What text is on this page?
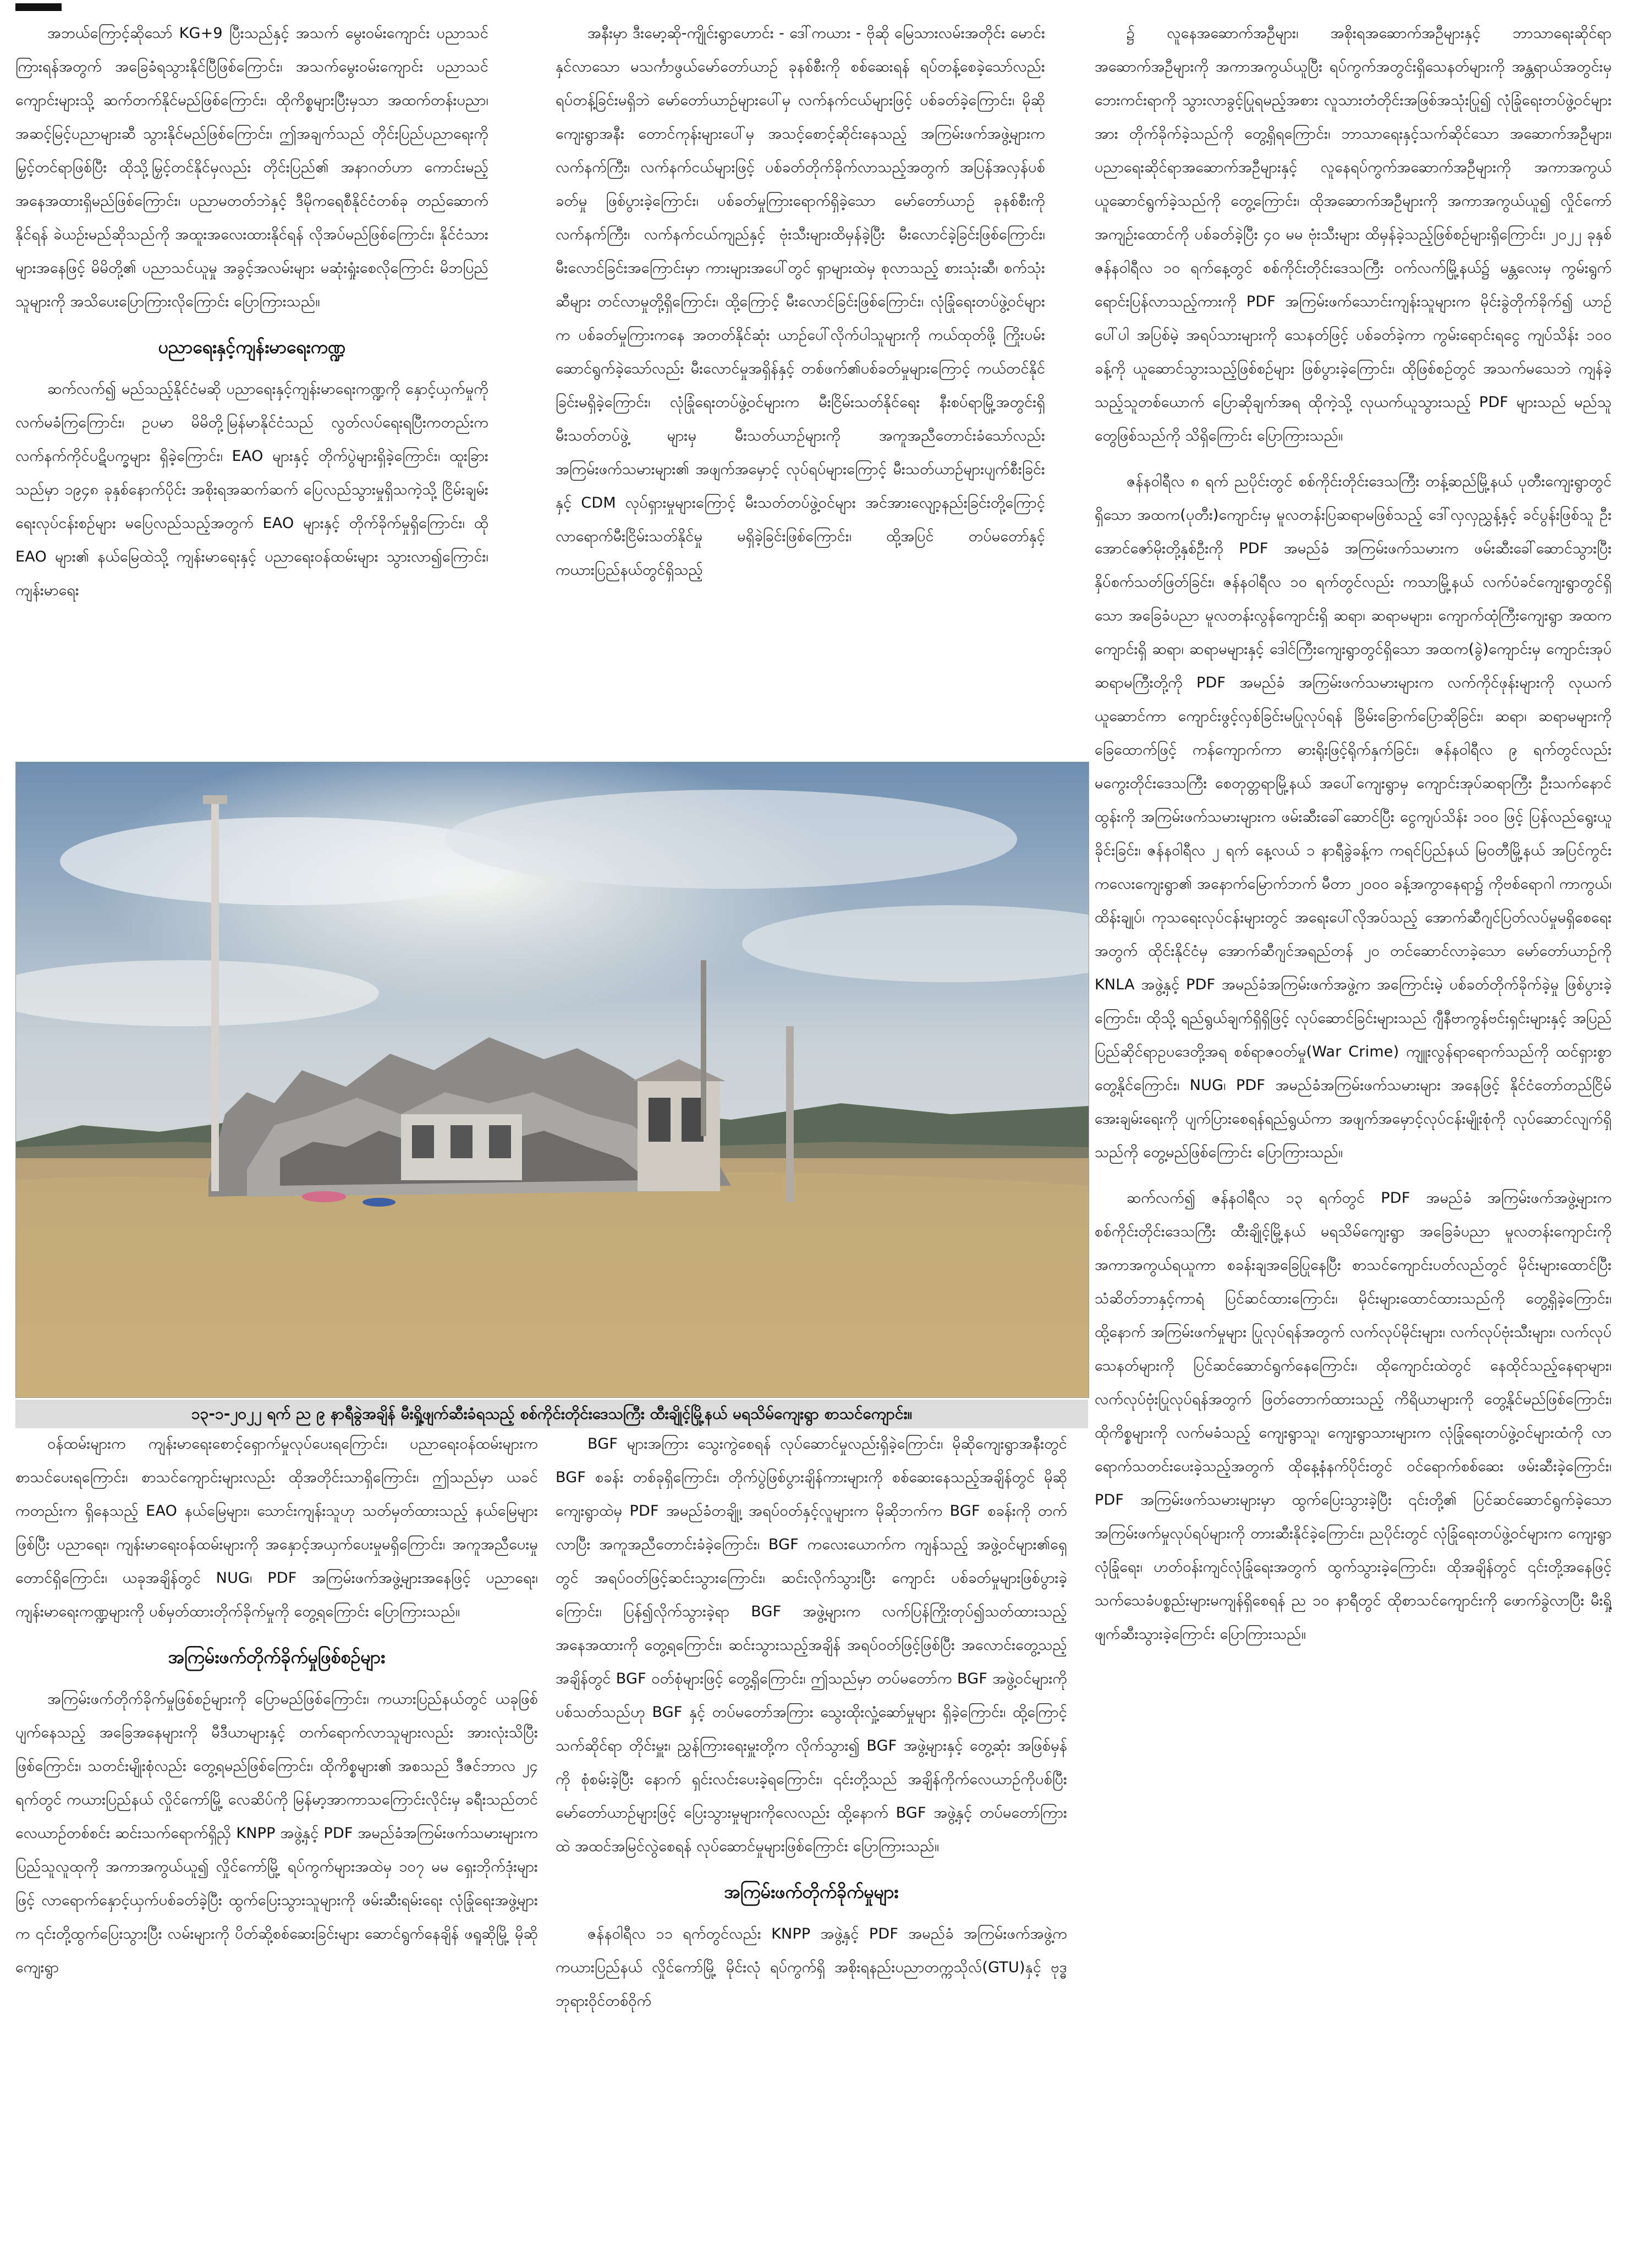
အဘယ်ကြောင့်ဆိုသော် KG+9 ပြီးသည်နှင့် အသက် မွေးဝမ်းကျောင်း ပညာသင်ကြားရန်အတွက် အခြေခံရသွားနိုင်ပြီဖြစ်ကြောင်း၊ အသက်မွေးဝမ်းကျောင်း ပညာသင်ကျောင်းများသို့ ဆက်တက်နိုင်မည်ဖြစ်ကြောင်း၊ ထိုကိစ္စများပြီးမှသာ အထက်တန်းပညာ၊ အဆင့်မြင့်ပညာများဆီ သွားနိုင်မည်ဖြစ်ကြောင်း၊ ဤအချက်သည် တိုင်းပြည်ပညာရေးကိုမြှင့်တင်ရာဖြစ်ပြီး ထိုသို့မြှင့်တင်နိုင်မှလည်း တိုင်းပြည်၏ အနာဂတ်ဟာ ကောင်းမည့်အနေအထားရှိမည်ဖြစ်ကြောင်း၊ ပညာမတတ်ဘဲနှင့် ဒီမိုကရေစီနိုင်ငံတစ်ခု တည်ဆောက်နိုင်ရန် ခဲယဉ်းမည်ဆိုသည်ကို အထူးအလေးထားနိုင်ရန် လိုအပ်မည်ဖြစ်ကြောင်း၊ နိုင်ငံသားများအနေဖြင့် မိမိတို့၏ ပညာသင်ယူမှု အခွင့်အလမ်းများ မဆုံးရှုံးစေလိုကြောင်း မိဘပြည်သူများကို အသိပေးပြောကြားလိုကြောင်း ပြောကြားသည်။

ပညာရေးနှင့်ကျန်းမာရေးကဏ္ဍ

ဆက်လက်၍ မည်သည့်နိုင်ငံမဆို ပညာရေးနှင့်ကျန်းမာရေးကဏ္ဍကို နှောင့်ယှက်မှုကို လက်မခံကြကြောင်း၊ ဥပမာ မိမိတို့မြန်မာနိုင်ငံသည် လွတ်လပ်ရေးရပြီးကတည်းက လက်နက်ကိုင်ပဋိပက္ခများ ရှိခဲ့ကြောင်း၊ EAO များနှင့် တိုက်ပွဲများရှိခဲ့ကြောင်း၊ ထူးခြားသည်မှာ ၁၉၄၈ ခုနှစ်နောက်ပိုင်း အစိုးရအဆက်ဆက် ပြေလည်သွားမှုရှိသကဲ့သို့ ငြိမ်းချမ်းရေးလုပ်ငန်းစဉ်များ မပြေလည်သည့်အတွက် EAO များနှင့် တိုက်ခိုက်မှုရှိကြောင်း၊ ထို EAO များ၏ နယ်မြေထဲသို့ ကျန်းမာရေးနှင့် ပညာရေးဝန်ထမ်းများ သွားလာ၍ကြောင်း၊ ကျန်းမာရေး

အနီးမှာ ဒီးမော့ဆို-ကျိုင်းရွာဟောင်း - ဒေါ်ကယား - ဗိုဆို မြေသားလမ်းအတိုင်း မောင်းနှင်လာသော မသင်္ကာဖွယ်မော်တော်ယာဉ် ခုနစ်စီးကို စစ်ဆေးရန် ရပ်တန့်စေခဲ့သော်လည်း ရပ်တန့်ခြင်းမရှိဘဲ မော်တော်ယာဉ်များပေါ်မှ လက်နက်ငယ်များဖြင့် ပစ်ခတ်ခဲ့ကြောင်း၊ မိုဆိုကျေးရွာအနီး တောင်ကုန်းများပေါ်မှ အသင့်စောင့်ဆိုင်းနေသည့် အကြမ်းဖက်အဖွဲ့များက လက်နက်ကြီး၊ လက်နက်ငယ်များဖြင့် ပစ်ခတ်တိုက်ခိုက်လာသည့်အတွက် အပြန်အလှန်ပစ်ခတ်မှု ဖြစ်ပွားခဲ့ကြောင်း၊ ပစ်ခတ်မှုကြားရောက်ရှိခဲ့သော မော်တော်ယာဉ် ခုနစ်စီးကို လက်နက်ကြီး၊ လက်နက်ငယ်ကျည်နှင့် ဗုံးသီးများထိမှန်ခဲ့ပြီး မီးလောင်ခဲ့ခြင်းဖြစ်ကြောင်း၊ မီးလောင်ခြင်းအကြောင်းမှာ ကားများအပေါ်တွင် ရှာများထဲမှ စုလာသည့် စားသုံးဆီ၊ စက်သုံးဆီများ တင်လာမှုတို့ရှိကြောင်း၊ ထို့ကြောင့် မီးလောင်ခြင်းဖြစ်ကြောင်း၊ လုံခြုံရေးတပ်ဖွဲ့ဝင်များက ပစ်ခတ်မှုကြားကနေ အတတ်နိုင်ဆုံး ယာဉ်ပေါ်လိုက်ပါသူများကို ကယ်ထုတ်ဖို့ ကြိုးပမ်းဆောင်ရွက်ခဲ့သော်လည်း မီးလောင်မှုအရှိန်နှင့် တစ်ဖက်၏ပစ်ခတ်မှုများကြောင့် ကယ်တင်နိုင်ခြင်းမရှိခဲ့ကြောင်း၊ လုံခြုံရေးတပ်ဖွဲ့ဝင်များက မီးငြိမ်းသတ်နိုင်ရေး နီးစပ်ရာမြို့အတွင်းရှိ မီးသတ်တပ်ဖွဲ့ များမှ မီးသတ်ယာဉ်များကို အကူအညီတောင်းခံသော်လည်း အကြမ်းဖက်သမားများ၏ အဖျက်အမှောင့် လုပ်ရပ်များကြောင့် မီးသတ်ယာဉ်များပျက်စီးခြင်းနှင့် CDM လုပ်ရှားမှုများကြောင့် မီးသတ်တပ်ဖွဲ့ဝင်များ အင်အားလျော့နည်းခြင်းတို့ကြောင့် လာရောက်မီးငြိမ်းသတ်နိုင်မှု မရှိခဲ့ခြင်းဖြစ်ကြောင်း၊ ထို့အပြင် တပ်မတော်နှင့် ကယားပြည်နယ်တွင်ရှိသည့်

၌ လူနေအဆောက်အဦများ၊ အစိုးရအဆောက်အဦများနှင့် ဘာသာရေးဆိုင်ရာ အဆောက်အဦများကို အကာအကွယ်ယူပြီး ရပ်ကွက်အတွင်းရှိသေနတ်များကို အန္တရာယ်အတွင်းမှ ဘေးကင်းရာကို သွားလာခွင့်ပြုရမည့်အစား လူသားတံတိုင်းအဖြစ်အသုံးပြု၍ လုံခြုံရေးတပ်ဖွဲ့ဝင်များအား တိုက်ခိုက်ခဲ့သည်ကို တွေ့ရှိရကြောင်း၊ ဘာသာရေးနှင့်သက်ဆိုင်သော အဆောက်အဦများ၊ ပညာရေးဆိုင်ရာအဆောက်အဦများနှင့် လူနေရပ်ကွက်အဆောက်အဦများကို အကာအကွယ်ယူဆောင်ရွက်ခဲ့သည်ကို တွေ့ကြောင်း၊ ထိုအဆောက်အဦများကို အကာအကွယ်ယူ၍ လှိုင်ကော်အကျဉ်းထောင်ကို ပစ်ခတ်ခဲ့ပြီး ၄၀ မမ ဗုံးသီးများ ထိမှန်ခဲ့သည့်ဖြစ်စဉ်များရှိကြောင်း၊ ၂၀၂၂ ခုနှစ် ဇန်နဝါရီလ ၁၀ ရက်နေ့တွင် စစ်ကိုင်းတိုင်းဒေသကြီး ဝက်လက်မြို့နယ်၌ မန္တလေးမှ ကွမ်းရွက်ရောင်းပြန်လာသည့်ကားကို PDF အကြမ်းဖက်သောင်းကျန်းသူများက မိုင်းခွဲတိုက်ခိုက်၍ ယာဉ်ပေါ်ပါ အပြစ်မဲ့ အရပ်သားများကို သေနတ်ဖြင့် ပစ်ခတ်ခဲ့ကာ ကွမ်းရောင်းရငွေ ကျပ်သိန်း ၁၀၀ ခန့်ကို ယူဆောင်သွားသည့်ဖြစ်စဉ်များ ဖြစ်ပွားခဲ့ကြောင်း၊ ထိုဖြစ်စဉ်တွင် အသက်မသေဘဲ ကျန်ခဲ့သည့်သူတစ်ယောက် ပြောဆိုချက်အရ ထိုကဲ့သို့ လုယက်ယူသွားသည့် PDF များသည် မည်သူတွေဖြစ်သည်ကို သိရှိကြောင်း ပြောကြားသည်။

ဇန်နဝါရီလ ၈ ရက် ညပိုင်းတွင် စစ်ကိုင်းတိုင်းဒေသကြီး တန့်ဆည်မြို့နယ် ပုတီးကျေးရွာတွင်ရှိသော အထက(ပုတီး)ကျောင်းမှ မူလတန်းပြဆရာမဖြစ်သည့် ဒေါ်လှလှညွှန့်နှင့် ခင်ပွန်းဖြစ်သူ ဦးအောင်ဇော်မိုးတို့နှစ်ဦးကို PDF အမည်ခံ အကြမ်းဖက်သမားက ဖမ်းဆီးခေါ်ဆောင်သွားပြီး နှိပ်စက်သတ်ဖြတ်ခြင်း၊ ဇန်နဝါရီလ ၁၀ ရက်တွင်လည်း ကသာမြို့နယ် လက်ပံခင်ကျေးရွာတွင်ရှိသော အခြေခံပညာ မူလတန်းလွန်ကျောင်းရှိ ဆရာ၊ ဆရာမများ၊ ကျောက်ထုံကြီးကျေးရွာ အထကကျောင်းရှိ ဆရာ၊ ဆရာမများနှင့် ဒေါင်ကြီးကျေးရွာတွင်ရှိသော အထက(ခွဲ)ကျောင်းမှ ကျောင်းအုပ်ဆရာမကြီးတို့ကို PDF အမည်ခံ အကြမ်းဖက်သမားများက လက်ကိုင်ဖုန်းများကို လုယက်ယူဆောင်ကာ ကျောင်းဖွင့်လှစ်ခြင်းမပြုလုပ်ရန် ခြိမ်းခြောက်ပြောဆိုခြင်း၊ ဆရာ၊ ဆရာမများကို ခြေထောက်ဖြင့် ကန်ကျောက်ကာ ဓားရိုးဖြင့်ရိုက်နှက်ခြင်း၊ ဇန်နဝါရီလ ၉ ရက်တွင်လည်း မကွေးတိုင်းဒေသကြီး စေတုတ္တရာမြို့နယ် အပေါ်ကျေးရွာမှ ကျောင်းအုပ်ဆရာကြီး ဦးသက်နောင်ထွန်းကို အကြမ်းဖက်သမားများက ဖမ်းဆီးခေါ်ဆောင်ပြီး ငွေကျပ်သိန်း ၁၀၀ ဖြင့် ပြန်လည်ရွေးယူခိုင်းခြင်း၊ ဇန်နဝါရီလ ၂ ရက် နေ့လယ် ၁ နာရီခွဲခန့်က ကရင်ပြည်နယ် မြဝတီမြို့နယ် အပြင်ကွင်းကလေးကျေးရွာ၏ အနောက်မြောက်ဘက် မီတာ ၂၀၀၀ ခန့်အကွာနေရာ၌ ကိုဗစ်ရောဂါ ကာကွယ်၊ ထိန်းချုပ်၊ ကုသရေးလုပ်ငန်းများတွင် အရေးပေါ်လိုအပ်သည့် အောက်ဆီဂျင်ပြတ်လပ်မှုမရှိစေရေးအတွက် ထိုင်းနိုင်ငံမှ အောက်ဆီဂျင်အရည်တန် ၂၀ တင်ဆောင်လာခဲ့သော မော်တော်ယာဉ်ကို KNLA အဖွဲ့နှင့် PDF အမည်ခံအကြမ်းဖက်အဖွဲ့က အကြောင်းမဲ့ ပစ်ခတ်တိုက်ခိုက်ခဲ့မှု ဖြစ်ပွားခဲ့ကြောင်း၊ ထိုသို့ ရည်ရွယ်ချက်ရှိရှိဖြင့် လုပ်ဆောင်ခြင်းများသည် ဂျီနီဗာကွန်ဗင်းရှင်းများနှင့် အပြည်ပြည်ဆိုင်ရာဥပဒေတို့အရ စစ်ရာဇဝတ်မှု(War Crime) ကျူးလွန်ရာရောက်သည်ကို ထင်ရှားစွာ တွေ့နိုင်ကြောင်း၊ NUG၊ PDF အမည်ခံအကြမ်းဖက်သမားများ အနေဖြင့် နိုင်ငံတော်တည်ငြိမ်အေးချမ်းရေးကို ပျက်ပြားစေရန်ရည်ရွယ်ကာ အဖျက်အမှောင့်လုပ်ငန်းမျိုးစုံကို လုပ်ဆောင်လျက်ရှိသည်ကို တွေ့မည်ဖြစ်ကြောင်း ပြောကြားသည်။

ဆက်လက်၍ ဇန်နဝါရီလ ၁၃ ရက်တွင် PDF အမည်ခံ အကြမ်းဖက်အဖွဲ့များက စစ်ကိုင်းတိုင်းဒေသကြီး ထီးချိုင့်မြို့နယ် မရသိမ်ကျေးရွာ အခြေခံပညာ မူလတန်းကျောင်းကို အကာအကွယ်ရယူကာ စခန်းချအခြေပြုနေပြီး စာသင်ကျောင်းပတ်လည်တွင် မိုင်းများထောင်ပြီး သံဆိတ်ဘာနှင့်ကာရံ ပြင်ဆင်ထားကြောင်း၊ မိုင်းများထောင်ထားသည်ကို တွေ့ရှိခဲ့ကြောင်း၊ ထို့နောက် အကြမ်းဖက်မှုများ ပြုလုပ်ရန်အတွက် လက်လုပ်မိုင်းများ၊ လက်လုပ်ဗုံးသီးများ၊ လက်လုပ်သေနတ်များကို ပြင်ဆင်ဆောင်ရွက်နေကြောင်း၊ ထိုကျောင်းထဲတွင် နေထိုင်သည့်နေရာများ၊ လက်လုပ်ဗုံးပြုလုပ်ရန်အတွက် ဖြတ်တောက်ထားသည့် ကိရိယာများကို တွေ့နိုင်မည်ဖြစ်ကြောင်း၊ ထိုကိစ္စများကို လက်မခံသည့် ကျေးရွာသူ၊ ကျေးရွာသားများက လုံခြုံရေးတပ်ဖွဲ့ဝင်များထံကို လာရောက်သတင်းပေးခဲ့သည့်အတွက် ထိုနေ့နံနက်ပိုင်းတွင် ဝင်ရောက်စစ်ဆေး ဖမ်းဆီးခဲ့ကြောင်း၊ PDF အကြမ်းဖက်သမားများမှာ ထွက်ပြေးသွားခဲ့ပြီး ၎င်းတို့၏ ပြင်ဆင်ဆောင်ရွက်ခဲ့သော အကြမ်းဖက်မှုလုပ်ရပ်များကို တားဆီးနိုင်ခဲ့ကြောင်း၊ ညပိုင်းတွင် လုံခြုံရေးတပ်ဖွဲ့ဝင်များက ကျေးရွာလုံခြုံရေး၊ ဟတ်ဝန်းကျင်လုံခြုံရေးအတွက် ထွက်သွားခဲ့ကြောင်း၊ ထိုအချိန်တွင် ၎င်းတို့အနေဖြင့် သက်သေခံပစ္စည်းများမကျန်ရှိစေရန် ည ၁၀ နာရီတွင် ထိုစာသင်ကျောင်းကို ဖောက်ခွဲလာပြီး မီးရှို့ဖျက်ဆီးသွားခဲ့ကြောင်း ပြောကြားသည်။

၁၃-၁-၂၀၂၂ ရက် ည ၉ နာရီခွဲအချိန် မီးရှို့ဖျက်ဆီးခံရသည့် စစ်ကိုင်းတိုင်းဒေသကြီး ထီးချိုင့်မြို့နယ် မရသိမ်ကျေးရွာ စာသင်ကျောင်း။

ဝန်ထမ်းများက ကျန်းမာရေးစောင့်ရှောက်မှုလုပ်ပေးရကြောင်း၊ ပညာရေးဝန်ထမ်းများက စာသင်ပေးရကြောင်း၊ စာသင်ကျောင်းများလည်း ထိုအတိုင်းသာရှိကြောင်း၊ ဤသည်မှာ ယခင်ကတည်းက ရှိနေသည့် EAO နယ်မြေများ၊ သောင်းကျန်းသူဟု သတ်မှတ်ထားသည့် နယ်မြေများဖြစ်ပြီး ပညာရေး၊ ကျန်းမာရေးဝန်ထမ်းများကို အနှောင့်အယှက်ပေးမှုမရှိကြောင်း၊ အကူအညီပေးမှုတောင်ရှိကြောင်း၊ ယခုအချိန်တွင် NUG၊ PDF အကြမ်းဖက်အဖွဲ့များအနေဖြင့် ပညာရေး၊ ကျန်းမာရေးကဏ္ဍများကို ပစ်မှတ်ထားတိုက်ခိုက်မှုကို တွေ့ရကြောင်း ပြောကြားသည်။

အကြမ်းဖက်တိုက်ခိုက်မှုဖြစ်စဉ်များ

အကြမ်းဖက်တိုက်ခိုက်မှုဖြစ်စဉ်များကို ပြောမည်ဖြစ်ကြောင်း၊ ကယားပြည်နယ်တွင် ယခုဖြစ်ပျက်နေသည့် အခြေအနေများကို မီဒီယာများနှင့် တက်ရောက်လာသူများလည်း အားလုံးသိပြီးဖြစ်ကြောင်း၊ သတင်းမျိုးစုံလည်း တွေ့ရမည်ဖြစ်ကြောင်း၊ ထိုကိစ္စများ၏ အစသည် ဒီဇင်ဘာလ ၂၄ ရက်တွင် ကယားပြည်နယ် လှိုင်ကော်မြို့ လေဆိပ်ကို မြန်မာ့အာကာသကြောင်းလိုင်းမှ ခရီးသည်တင် လေယာဉ်တစ်စင်း ဆင်းသက်ရောက်ရှိညှိ KNPP အဖွဲ့နှင့် PDF အမည်ခံအကြမ်းဖက်သမားများက ပြည်သူလူထုကို အကာအကွယ်ယူ၍ လှိုင်ကော်မြို့ ရပ်ကွက်များအထဲမှ ၁၀၇ မမ ရှေးဘိုက်ဒုံးများဖြင့် လာရောက်နှောင့်ယှက်ပစ်ခတ်ခဲ့ပြီး ထွက်ပြေးသွားသူများကို ဖမ်းဆီးရမ်းရေး လုံခြုံရေးအဖွဲ့များက ၎င်းတို့ထွက်ပြေးသွားပြီး လမ်းများကို ပိတ်ဆို့စစ်ဆေးခြင်းများ ဆောင်ရွက်နေချိန် ဖရူဆိုမြို့ မိုဆိုကျေးရွာ

BGF များအကြား သွေးကွဲစေရန် လုပ်ဆောင်မှုလည်းရှိခဲ့ကြောင်း၊ မိုဆိုကျေးရွာအနီးတွင် BGF စခန်း တစ်ခုရှိကြောင်း၊ တိုက်ပွဲဖြစ်ပွားချိန်ကားများကို စစ်ဆေးနေသည့်အချိန်တွင် မိုဆိုကျေးရွာထဲမှ PDF အမည်ခံတချို့၊ အရပ်ဝတ်နှင့်လူများက မိုဆိုဘက်က BGF စခန်းကို တက်လာပြီး အကူအညီတောင်းခံခဲ့ကြောင်း၊ BGF ကလေးယောက်က ကျန်သည့် အဖွဲ့ဝင်များ၏ရှေ့တွင် အရပ်ဝတ်ဖြင့်ဆင်းသွားကြောင်း၊ ဆင်းလိုက်သွားပြီး ကျောင်း ပစ်ခတ်မှုများဖြစ်ပွားခဲ့ကြောင်း၊ ပြန်၍လိုက်သွားခဲ့ရာ BGF အဖွဲ့များက လက်ပြန်ကြိုးတုပ်၍သတ်ထားသည့် အနေအထားကို တွေ့ရကြောင်း၊ ဆင်းသွားသည့်အချိန် အရပ်ဝတ်ဖြင့်ဖြစ်ပြီး အလောင်းတွေ့သည့်အချိန်တွင် BGF ဝတ်စုံများဖြင့် တွေ့ရှိကြောင်း၊ ဤသည်မှာ တပ်မတော်က BGF အဖွဲ့ဝင်များကို ပစ်သတ်သည်ဟု BGF နှင့် တပ်မတော်အကြား သွေးထိုးလှုံ့ဆော်မှုများ ရှိခဲ့ကြောင်း၊ ထို့ကြောင့် သက်ဆိုင်ရာ တိုင်းမှူး၊ ညွှန်ကြားရေးမှူးတို့က လိုက်သွား၍ BGF အဖွဲ့များနှင့် တွေ့ဆုံး အဖြစ်မှန်ကို စုံစမ်းခဲ့ပြီး နောက် ရှင်းလင်းပေးခဲ့ရကြောင်း၊ ၎င်းတို့သည် အချိန်ကိုက်လေယာဉ်ကိုပစ်ပြီး မော်တော်ယာဉ်များဖြင့် ပြေးသွားမှုများကိုလေလည်း ထို့နောက် BGF အဖွဲ့နှင့် တပ်မတော်ကြားထဲ အထင်အမြင်လွဲစေရန် လုပ်ဆောင်မှုများဖြစ်ကြောင်း ပြောကြားသည်။

အကြမ်းဖက်တိုက်ခိုက်မှုများ

ဇန်နဝါရီလ ၁၁ ရက်တွင်လည်း KNPP အဖွဲ့နှင့် PDF အမည်ခံ အကြမ်းဖက်အဖွဲ့က ကယားပြည်နယ် လှိုင်ကော်မြို့ မိုင်းလုံ ရပ်ကွက်ရှိ အစိုးရနည်းပညာတက္ကသိုလ်(GTU)နှင့် ဗုဒ္ဓဘုရားဝိုင်တစ်ဝိုက်
